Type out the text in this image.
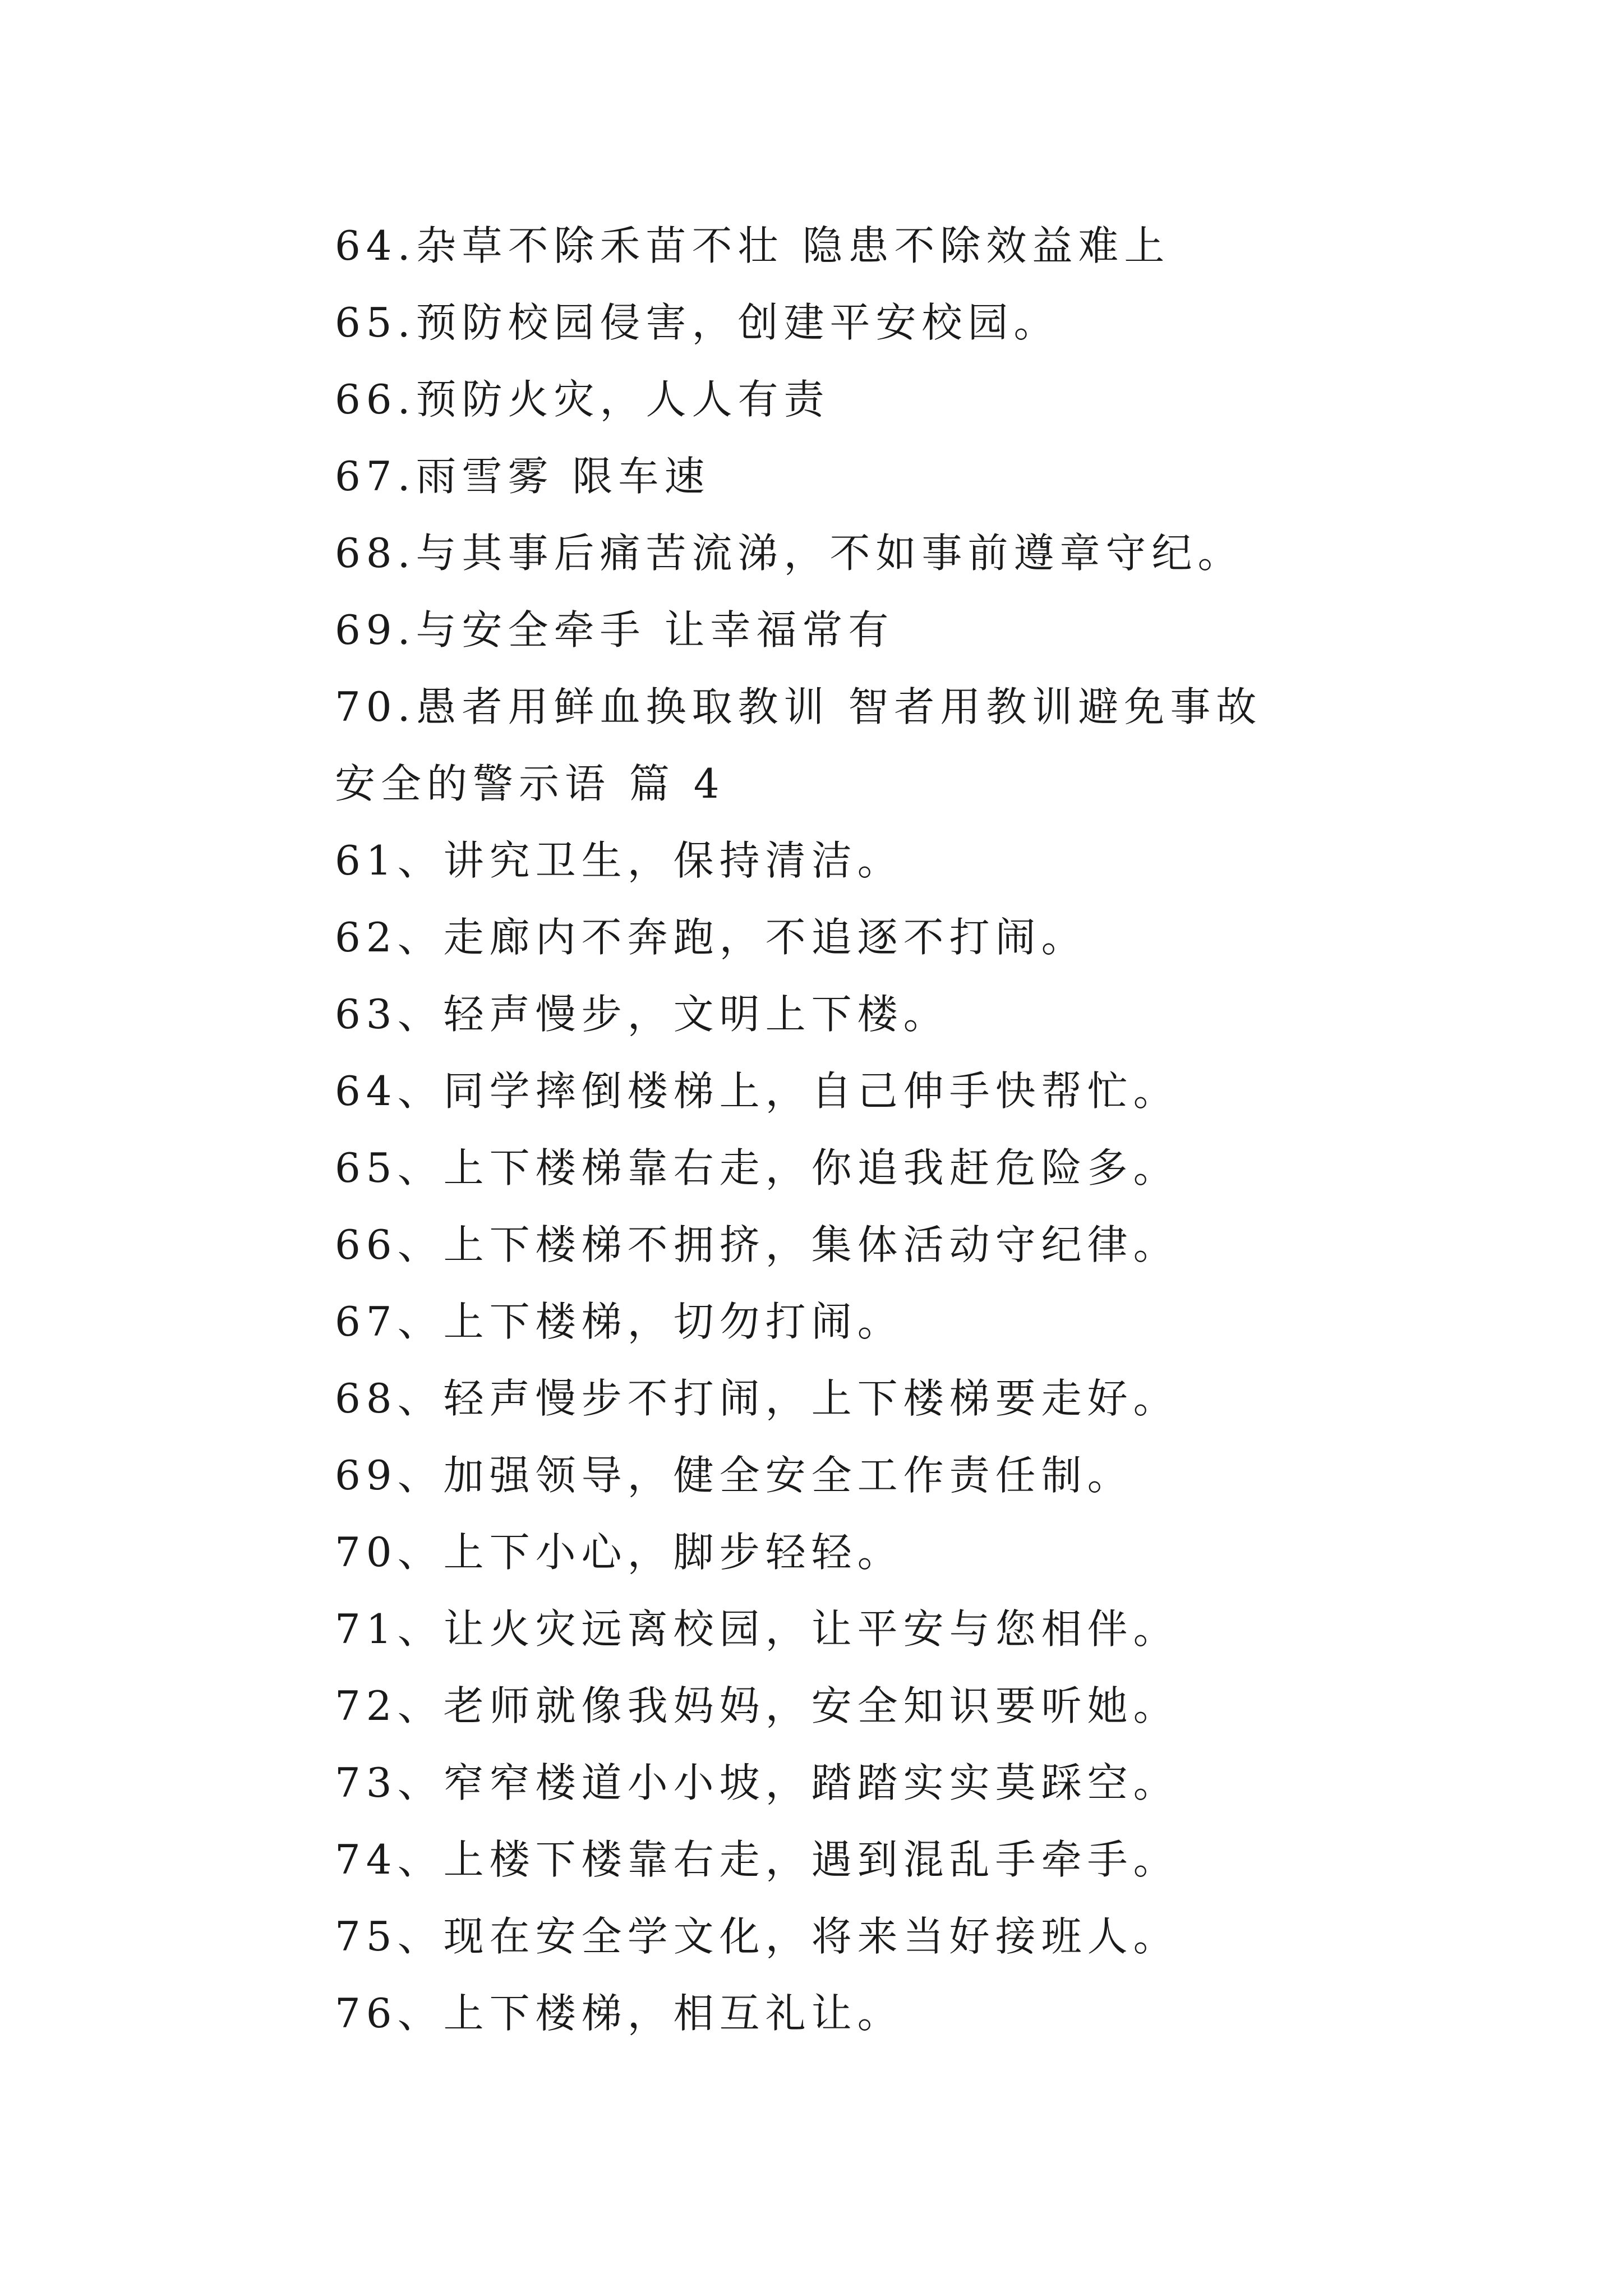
64.杂草不除禾苗不壮 隐患不除效益难上
65.预防校园侵害，创建平安校园。
66.预防火灾，人人有责
67.雨雪雾 限车速
68.与其事后痛苦流涕，不如事前遵章守纪。
69.与安全牵手 让幸福常有
70.愚者用鲜血换取教训 智者用教训避免事故
安全的警示语 篇 4
61、讲究卫生，保持清洁。
62、走廊内不奔跑，不追逐不打闹。
63、轻声慢步，文明上下楼。
64、同学摔倒楼梯上，自己伸手快帮忙。
65、上下楼梯靠右走，你追我赶危险多。
66、上下楼梯不拥挤，集体活动守纪律。
67、上下楼梯，切勿打闹。
68、轻声慢步不打闹，上下楼梯要走好。
69、加强领导，健全安全工作责任制。
70、上下小心，脚步轻轻。
71、让火灾远离校园，让平安与您相伴。
72、老师就像我妈妈，安全知识要听她。
73、窄窄楼道小小坡，踏踏实实莫踩空。
74、上楼下楼靠右走，遇到混乱手牵手。
75、现在安全学文化，将来当好接班人。
76、上下楼梯，相互礼让。
